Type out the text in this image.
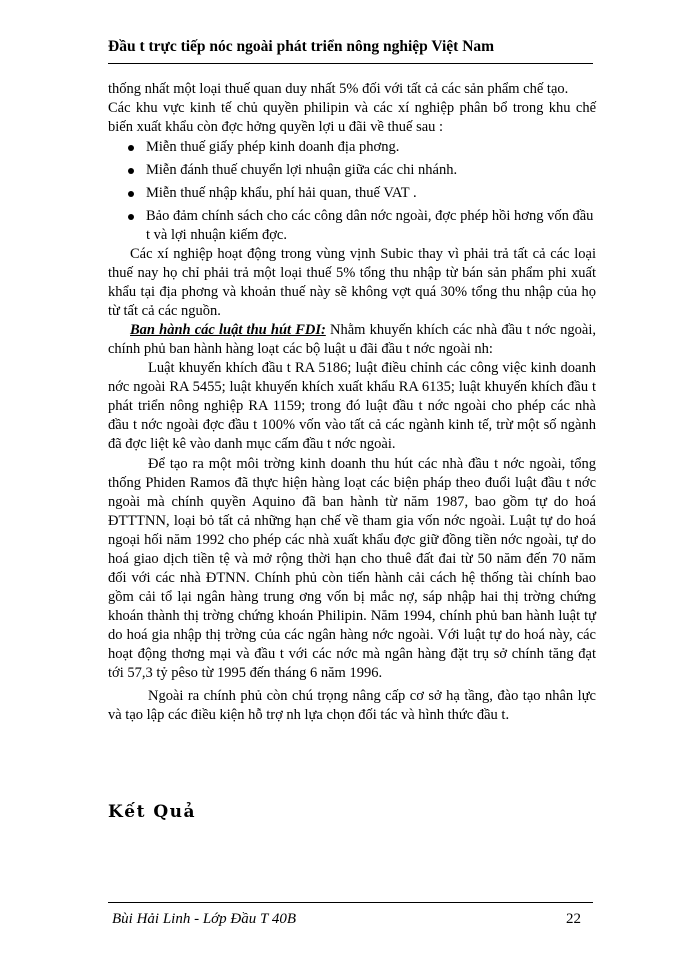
Đầu t trực tiếp nóc ngoài phát triển nông nghiệp Việt Nam

thống nhất một loại thuế quan duy nhất 5% đối với tất cả các sản phẩm chế tạo.

Các khu vực kinh tế chủ quyền philipin và các xí nghiệp phân bổ trong khu chế biến xuất khẩu còn đợc hởng quyền lợi u đãi về thuế sau :

Miễn thuế giấy phép kinh doanh địa phơng.
Miễn đánh thuế chuyển lợi nhuận giữa các chi nhánh.
Miễn thuế nhập khẩu, phí hải quan, thuế VAT .
Bảo đảm chính sách cho các công dân nớc ngoài, đợc phép hồi hơng vốn đầu t và lợi nhuận kiếm đợc.

Các xí nghiệp hoạt động trong vùng vịnh Subic thay vì phải trả tất cả các loại thuế nay họ chỉ phải trả một loại thuế 5% tổng thu nhập từ bán sản phẩm phi xuất khẩu tại địa phơng và khoản thuế này sẽ không vợt quá 30% tổng thu nhập của họ từ tất cả các nguồn.

Ban hành các luật thu hút FDI: Nhằm khuyến khích các nhà đầu t nớc ngoài, chính phủ ban hành hàng loạt các bộ luật u đãi đầu t nớc ngoài nh:

Luật khuyến khích đầu t RA 5186; luật điều chỉnh các công việc kinh doanh nớc ngoài RA 5455; luật khuyến khích xuất khẩu RA 6135; luật khuyến khích đầu t phát triển nông nghiệp RA 1159; trong đó luật đầu t nớc ngoài cho phép các nhà đầu t nớc ngoài đợc đầu t 100% vốn vào tất cả các ngành kinh tế, trừ một số ngành đã đợc liệt kê vào danh mục cấm đầu t nớc ngoài.

Để tạo ra một môi trờng kinh doanh thu hút các nhà đầu t nớc ngoài, tổng thống Phiden Ramos đã thực hiện hàng loạt các biện pháp theo đuổi luật đầu t nớc ngoài mà chính quyền Aquino đã ban hành từ năm 1987, bao gồm tự do hoá ĐTTTNN, loại bỏ tất cả những hạn chế về tham gia vốn nớc ngoài. Luật tự do hoá ngoại hối năm 1992 cho phép các nhà xuất khẩu đợc giữ đồng tiền nớc ngoài, tự do hoá giao dịch tiền tệ và mở rộng thời hạn cho thuê đất đai từ 50 năm đến 70 năm đối với các nhà ĐTNN. Chính phủ còn tiến hành cải cách hệ thống tài chính bao gồm cải tổ lại ngân hàng trung ơng vốn bị mắc nợ, sáp nhập hai thị trờng chứng khoán thành thị trờng chứng khoán Philipin. Năm 1994, chính phủ ban hành luật tự do hoá gia nhập thị trờng của các ngân hàng nớc ngoài. Với luật tự do hoá này, các hoạt động thơng mại và đầu t với các nớc mà ngân hàng đặt trụ sở chính tăng đạt tới 57,3 tỷ pêso từ 1995 đến tháng 6 năm 1996.

Ngoài ra chính phủ còn chú trọng nâng cấp cơ sở hạ tầng, đào tạo nhân lực và tạo lập các điều kiện hỗ trợ nh lựa chọn đối tác và hình thức đầu t.

Kết Quả
Bùi Hải Linh - Lớp Đầu T 40B	22
